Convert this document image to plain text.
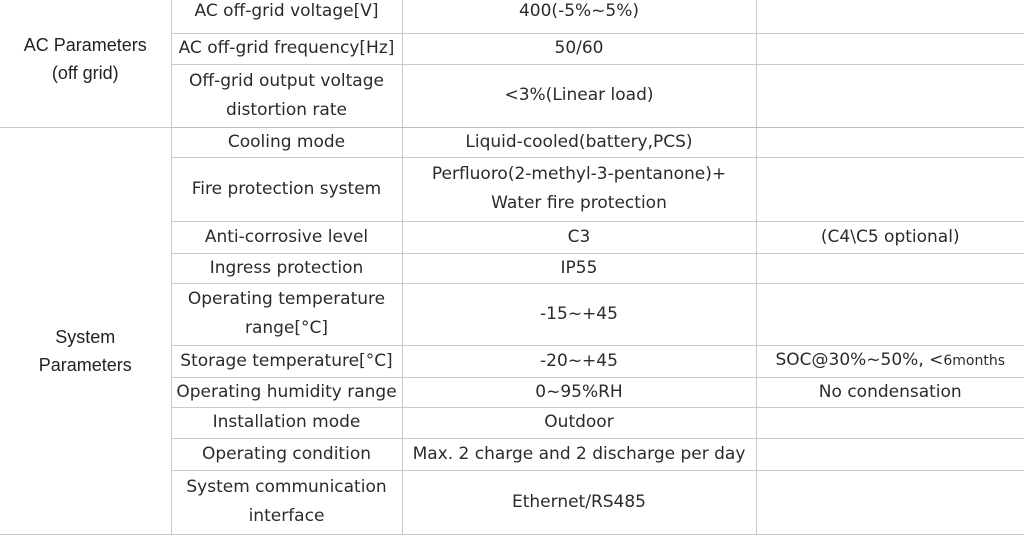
AC Parameters
(off grid)	AC off-grid voltage[V]	400(-5%~5%)	
	AC off-grid frequency[Hz]	50/60	
	Off-grid output voltage distortion rate	<3%(Linear load)	
System
Parameters	Cooling mode	Liquid-cooled(battery,PCS)	
	Fire protection system	Perfluoro(2-methyl-3-pentanone)+ Water fire protection	
	Anti-corrosive level	C3	(C4\C5 optional)
	Ingress protection	IP55	
	Operating temperature range[°C]	-15~+45	
	Storage temperature[°C]	-20~+45	SOC@30%~50%, <6months
	Operating humidity range	0~95%RH	No condensation
	Installation mode	Outdoor	
	Operating condition	Max. 2 charge and 2 discharge per day	
	System communication interface	Ethernet/RS485	
